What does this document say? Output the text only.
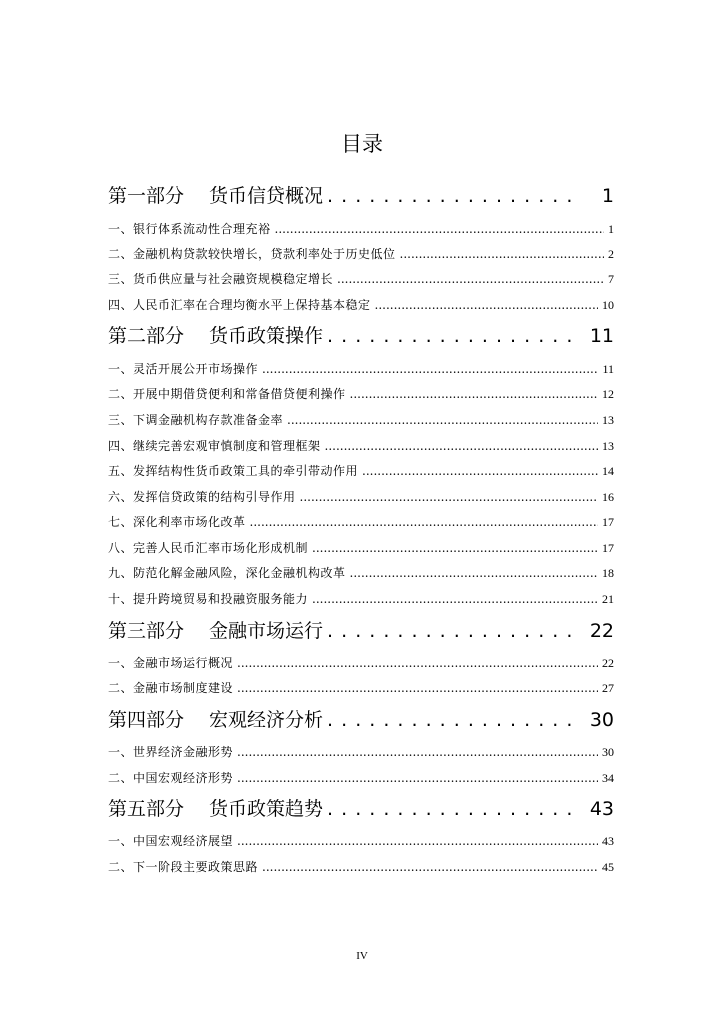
目录
第一部分 货币信贷概况 . . .	1
一、银行体系流动性合理充裕 .....	1
二、金融机构贷款较快增长，贷款利率处于历史低位 .....	2
三、货币供应量与社会融资规模稳定增长 .....	7
四、人民币汇率在合理均衡水平上保持基本稳定 .....	10
第二部分 货币政策操作 . . .	11
一、灵活开展公开市场操作 .....	11
二、开展中期借贷便利和常备借贷便利操作 .....	12
三、下调金融机构存款准备金率 .....	13
四、继续完善宏观审慎制度和管理框架 .....	13
五、发挥结构性货币政策工具的牵引带动作用 .....	14
六、发挥信贷政策的结构引导作用 .....	16
七、深化利率市场化改革 .....	17
八、完善人民币汇率市场化形成机制 .....	17
九、防范化解金融风险，深化金融机构改革 .....	18
十、提升跨境贸易和投融资服务能力 .....	21
第三部分 金融市场运行 . . .	22
一、金融市场运行概况 .....	22
二、金融市场制度建设 .....	27
第四部分 宏观经济分析 . . .	30
一、世界经济金融形势 .....	30
二、中国宏观经济形势 .....	34
第五部分 货币政策趋势 . . .	43
一、中国宏观经济展望 .....	43
二、下一阶段主要政策思路 .....	45
IV
